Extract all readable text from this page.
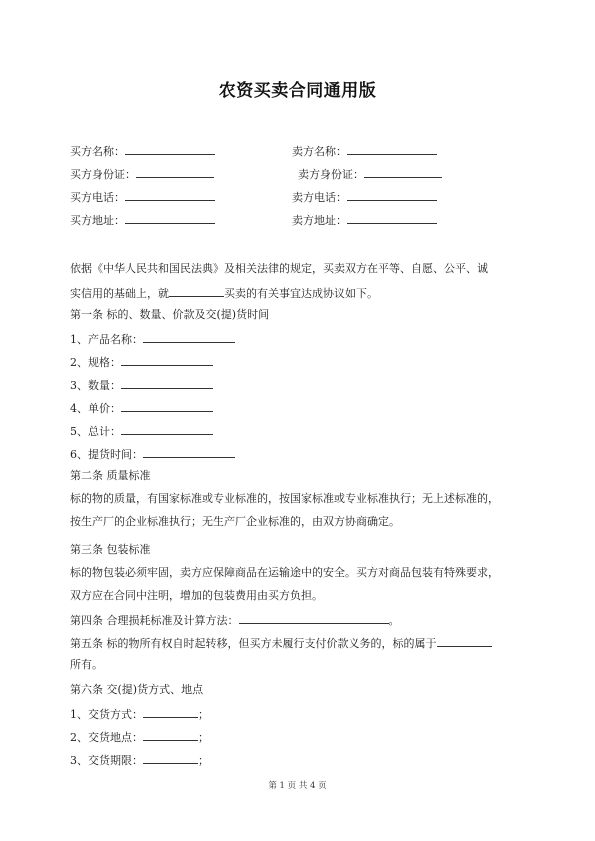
农资买卖合同通用版
买方名称：	卖方名称：
买方身份证：	卖方身份证：
买方电话：	卖方电话：
买方地址：	卖方地址：
依据《中华人民共和国民法典》及相关法律的规定，买卖双方在平等、自愿、公平、诚
实信用的基础上，就	买卖的有关事宜达成协议如下。
第一条 标的、数量、价款及交(提)货时间
1、产品名称：
2、规格：
3、数量：
4、单价：
5、总计：
6、提货时间：
第二条 质量标准
标的物的质量，有国家标准或专业标准的，按国家标准或专业标准执行；无上述标准的，
按生产厂的企业标准执行；无生产厂企业标准的，由双方协商确定。
第三条 包装标准
标的物包装必须牢固，卖方应保障商品在运输途中的安全。买方对商品包装有特殊要求，
双方应在合同中注明，增加的包装费用由买方负担。
第四条 合理损耗标准及计算方法：	。
第五条 标的物所有权自时起转移，但买方未履行支付价款义务的，标的属于
所有。
第六条 交(提)货方式、地点
1、交货方式：	；
2、交货地点：	；
3、交货期限：	；
第 1 页 共 4 页
